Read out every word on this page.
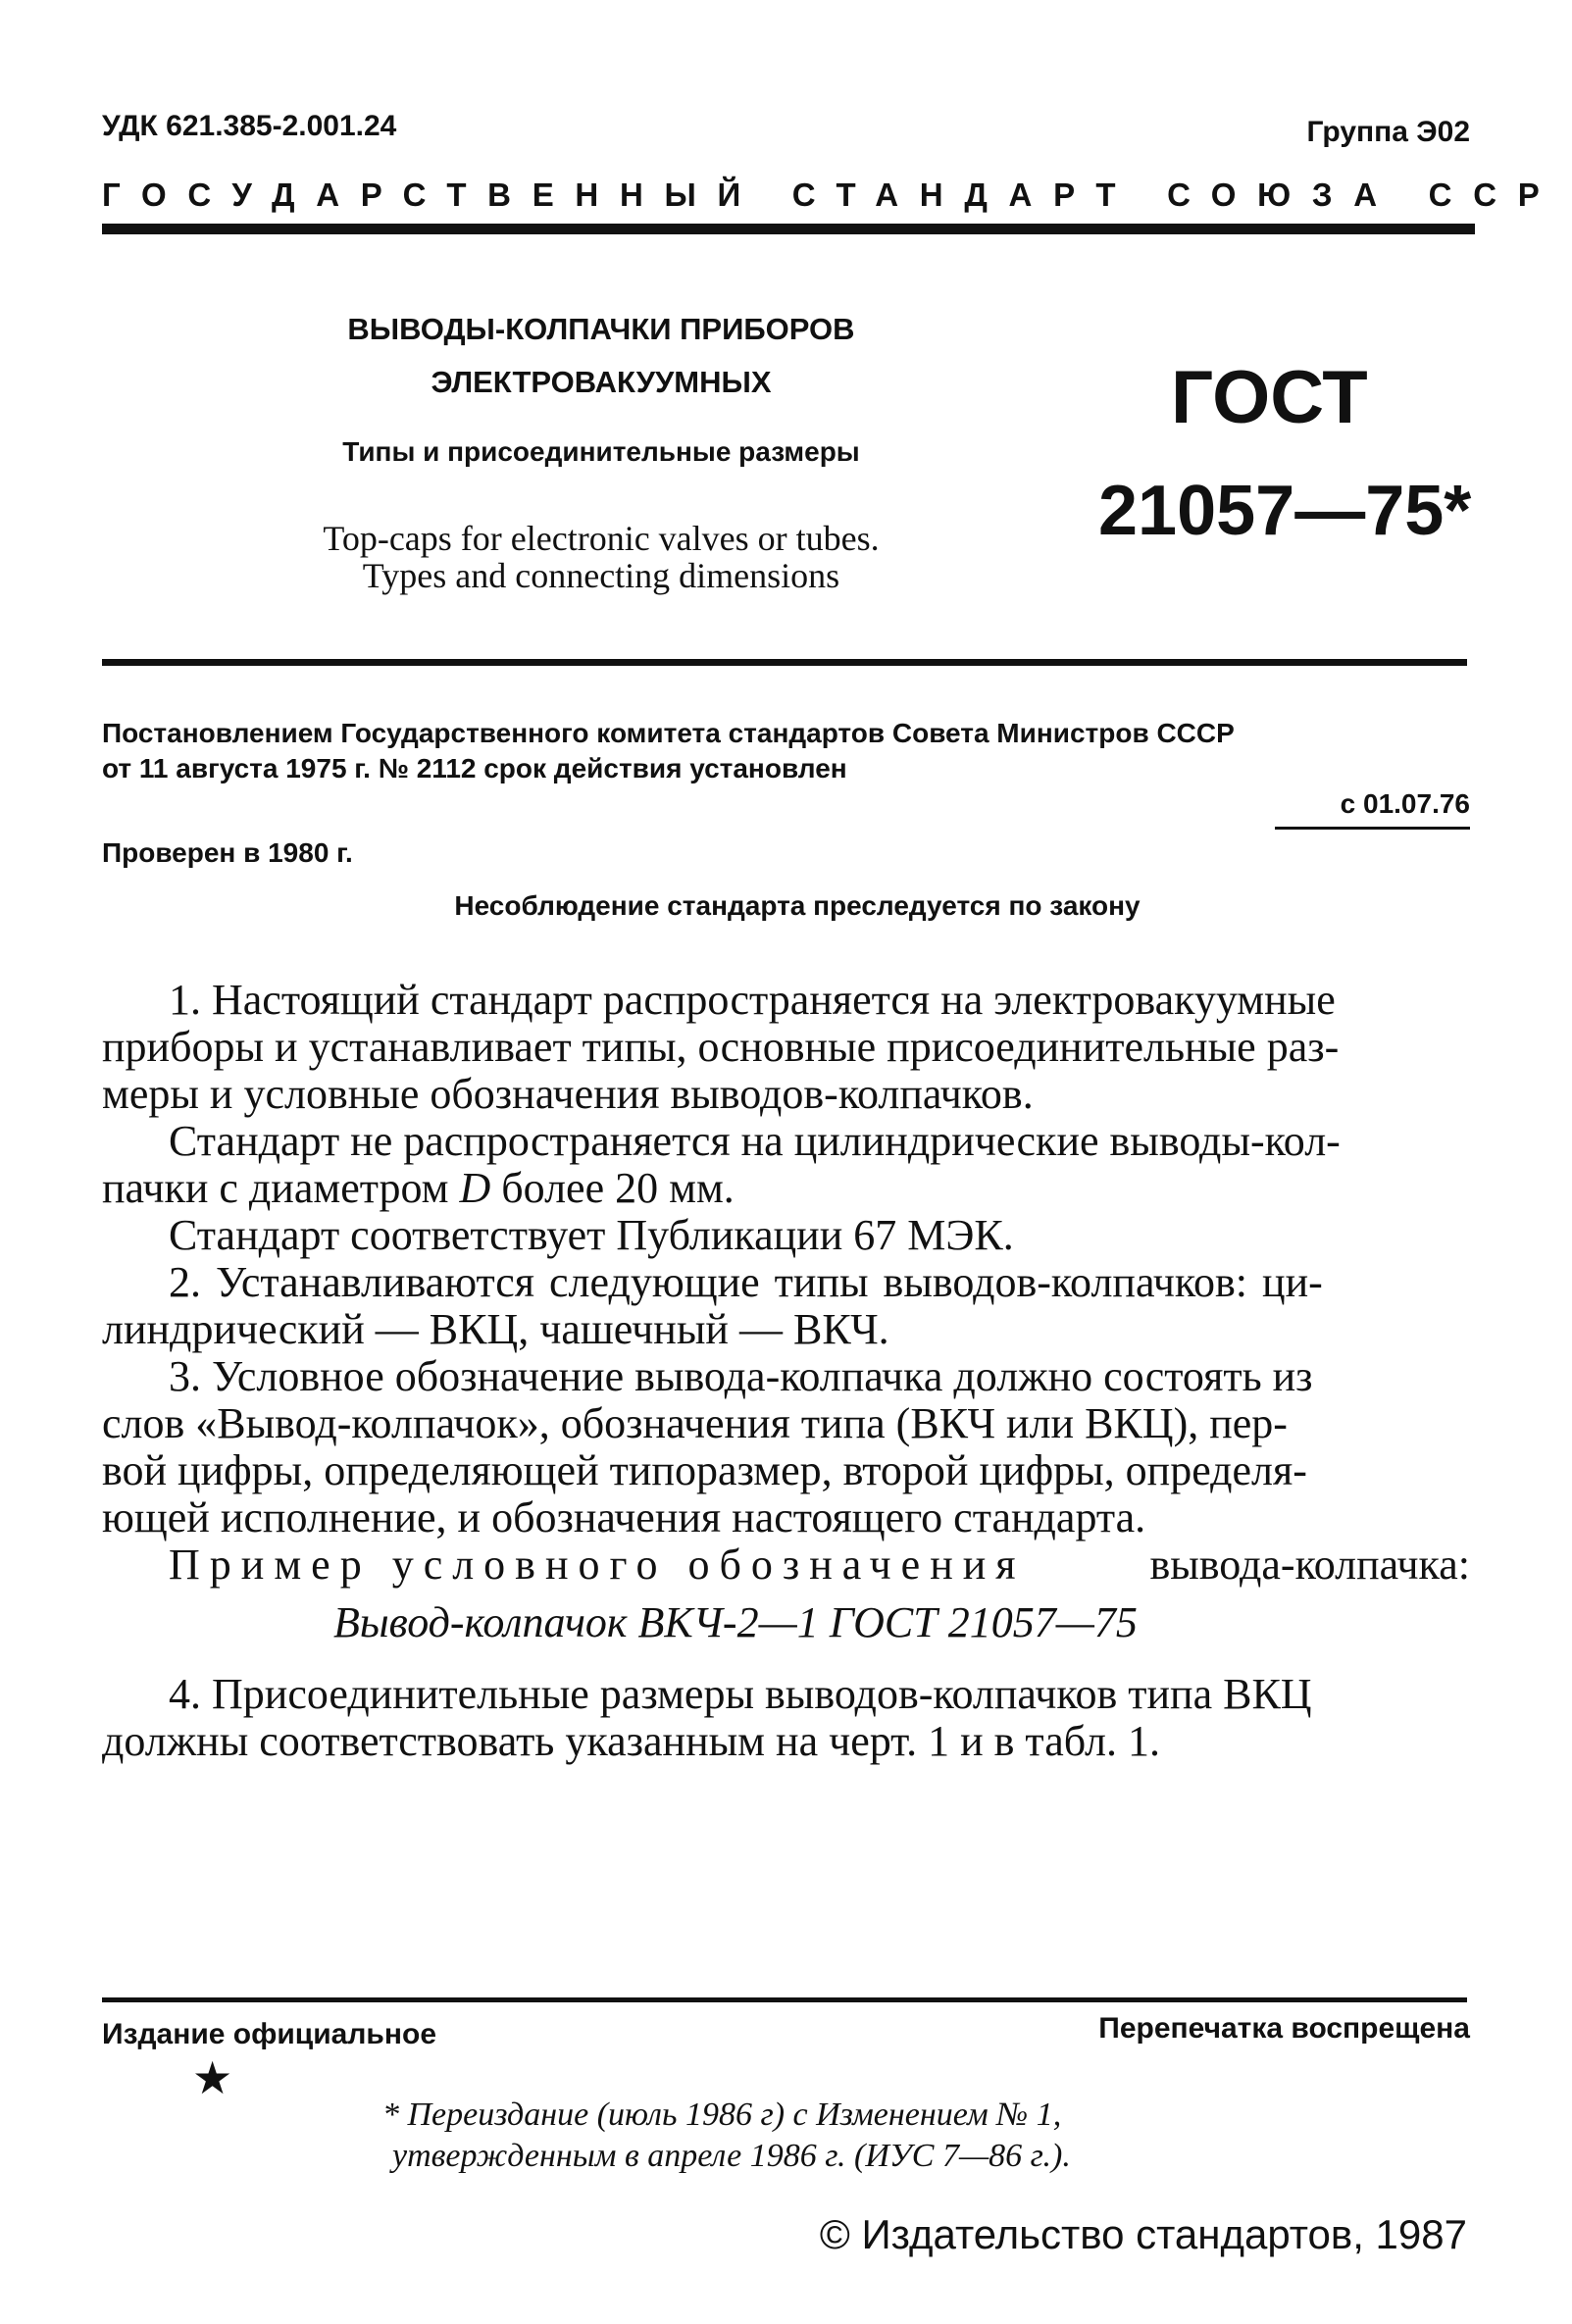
УДК 621.385-2.001.24	Группа Э02
ГОСУДАРСТВЕННЫЙ СТАНДАРТ СОЮЗА ССР
ВЫВОДЫ-КОЛПАЧКИ ПРИБОРОВ
ЭЛЕКТРОВАКУУМНЫХ
Типы и присоединительные размеры
Top-caps for electronic valves or tubes.
Types and connecting dimensions
ГОСТ
21057—75*
Постановлением Государственного комитета стандартов Совета Министров СССР
от 11 августа 1975 г. № 2112 срок действия установлен
с 01.07.76
Проверен в 1980 г.
Несоблюдение стандарта преследуется по закону
1. Настоящий стандарт распространяется на электровакуумные
приборы и устанавливает типы, основные присоединительные раз-
меры и условные обозначения выводов-колпачков.
Стандарт не распространяется на цилиндрические выводы-кол-
пачки с диаметром D более 20 мм.
Стандарт соответствует Публикации 67 МЭК.
2. Устанавливаются следующие типы выводов-колпачков: ци-
линдрический — ВКЦ, чашечный — ВКЧ.
3. Условное обозначение вывода-колпачка должно состоять из
слов «Вывод-колпачок», обозначения типа (ВКЧ или ВКЦ), пер-
вой цифры, определяющей типоразмер, второй цифры, определя-
ющей исполнение, и обозначения настоящего стандарта.
Пример условного обозначения	вывода-колпачка:
Вывод-колпачок ВКЧ-2—1 ГОСТ 21057—75
4. Присоединительные размеры выводов-колпачков типа ВКЦ
должны соответствовать указанным на черт. 1 и в табл. 1.
Издание официальное	Перепечатка воспрещена
★
* Переиздание (июль 1986 г) с Изменением № 1,
утвержденным в апреле 1986 г. (ИУС 7—86 г.).
© Издательство стандартов, 1987
